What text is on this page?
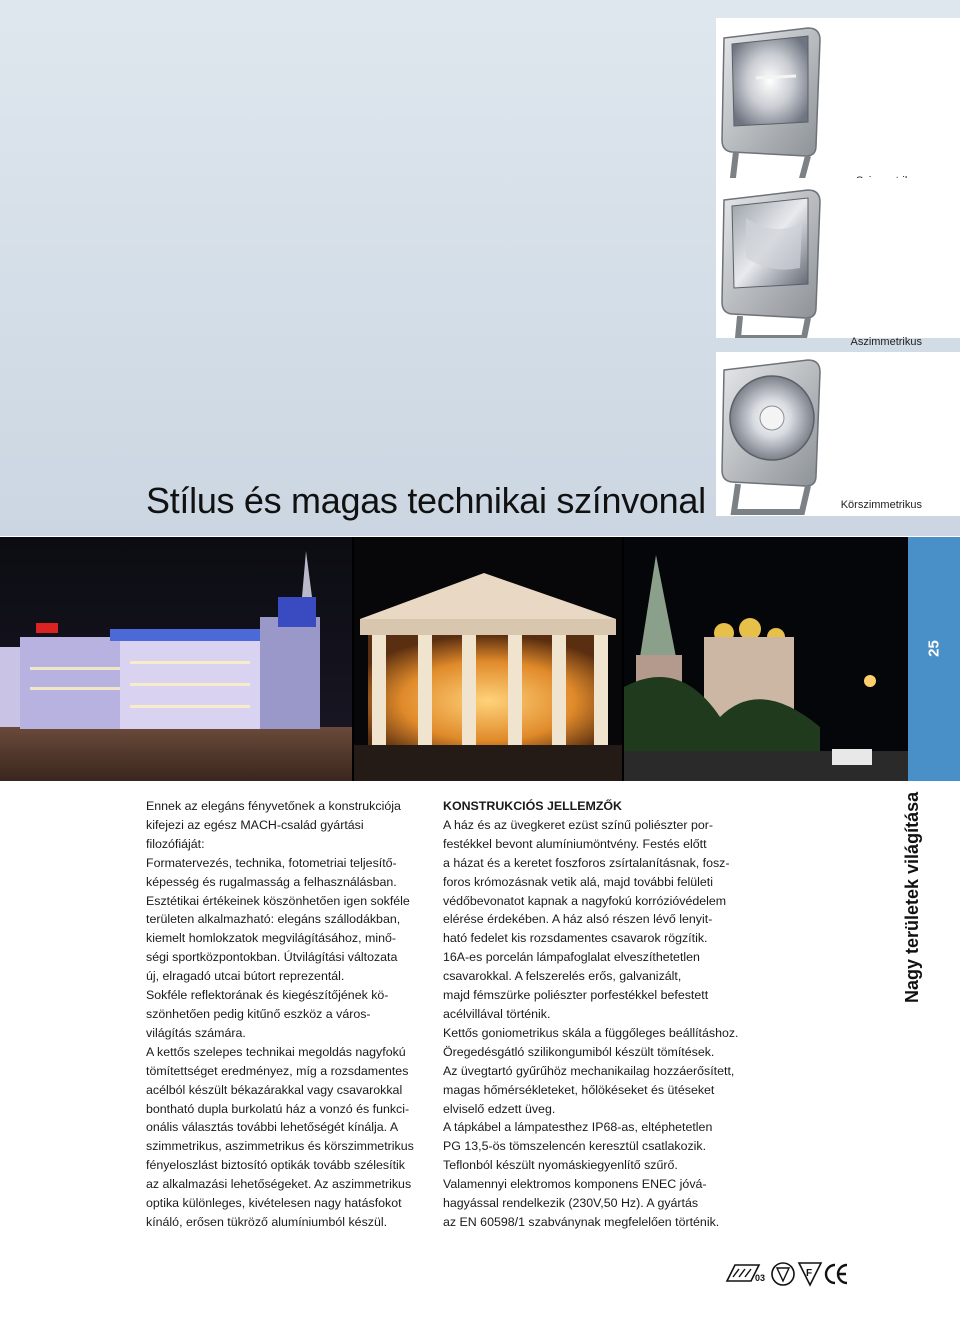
Aszimmetrikus
Körszimmetrikus
Stílus és magas technikai színvonal
25
Nagy területek világítása

Ennek az elegáns fényvetőnek a konstrukciója
kifejezi az egész MACH-család gyártási
filozófiáját:
Formatervezés, technika, fotometriai teljesítő-
képesség és rugalmasság a felhasználásban.
Esztétikai értékeinek köszönhetően igen sokféle
területen alkalmazható: elegáns szállodákban,
kiemelt homlokzatok megvilágításához, minő-
ségi sportközpontokban. Útvilágítási változata
új, elragadó utcai bútort reprezentál.
Sokféle reflektorának és kiegészítőjének kö-
szönhetően pedig kitűnő eszköz a város-
világítás számára.
A kettős szelepes technikai megoldás nagyfokú
tömítettséget eredményez, míg a rozsdamentes
acélból készült békazárakkal vagy csavarokkal
bontható dupla burkolatú ház a vonzó és funkci-
onális választás további lehetőségét kínálja. A
szimmetrikus, aszimmetrikus és körszimmetrikus
fényeloszlást biztosító optikák tovább szélesítik
az alkalmazási lehetőségeket. Az aszimmetrikus
optika különleges, kivételesen nagy hatásfokot
kínáló, erősen tükröző alumíniumból készül.

KONSTRUKCIÓS JELLEMZŐK

A ház és az üvegkeret ezüst színű poliészter por-
festékkel bevont alumíniumöntvény. Festés előtt
a házat és a keretet foszforos zsírtalanításnak, fosz-
foros krómozásnak vetik alá, majd további felületi
védőbevonatot kapnak a nagyfokú korrózióvédelem
elérése érdekében. A ház alsó részen lévő lenyit-
ható fedelet kis rozsdamentes csavarok rögzítik.
16A-es porcelán lámpafoglalat elveszíthetetlen
csavarokkal. A felszerelés erős, galvanizált,
majd fémszürke poliészter porfestékkel befestett
acélvillával történik.
Kettős goniometrikus skála a függőleges beállításhoz.
Öregedésgátló szilikongumiból készült tömítések.
Az üvegtartó gyűrűhöz mechanikailag hozzáerősített,
magas hőmérsékleteket, hőlökéseket és ütéseket
elviselő edzett üveg.
A tápkábel a lámpatesthez IP68-as, eltéphetetlen
PG 13,5-ös tömszelencén keresztül csatlakozik.
Teflonból készült nyomáskiegyenlítő szűrő.
Valamennyi elektromos komponens ENEC jóvá-
hagyással rendelkezik (230V,50 Hz). A gyártás
az EN 60598/1 szabványnak megfelelően történik.

03	F
